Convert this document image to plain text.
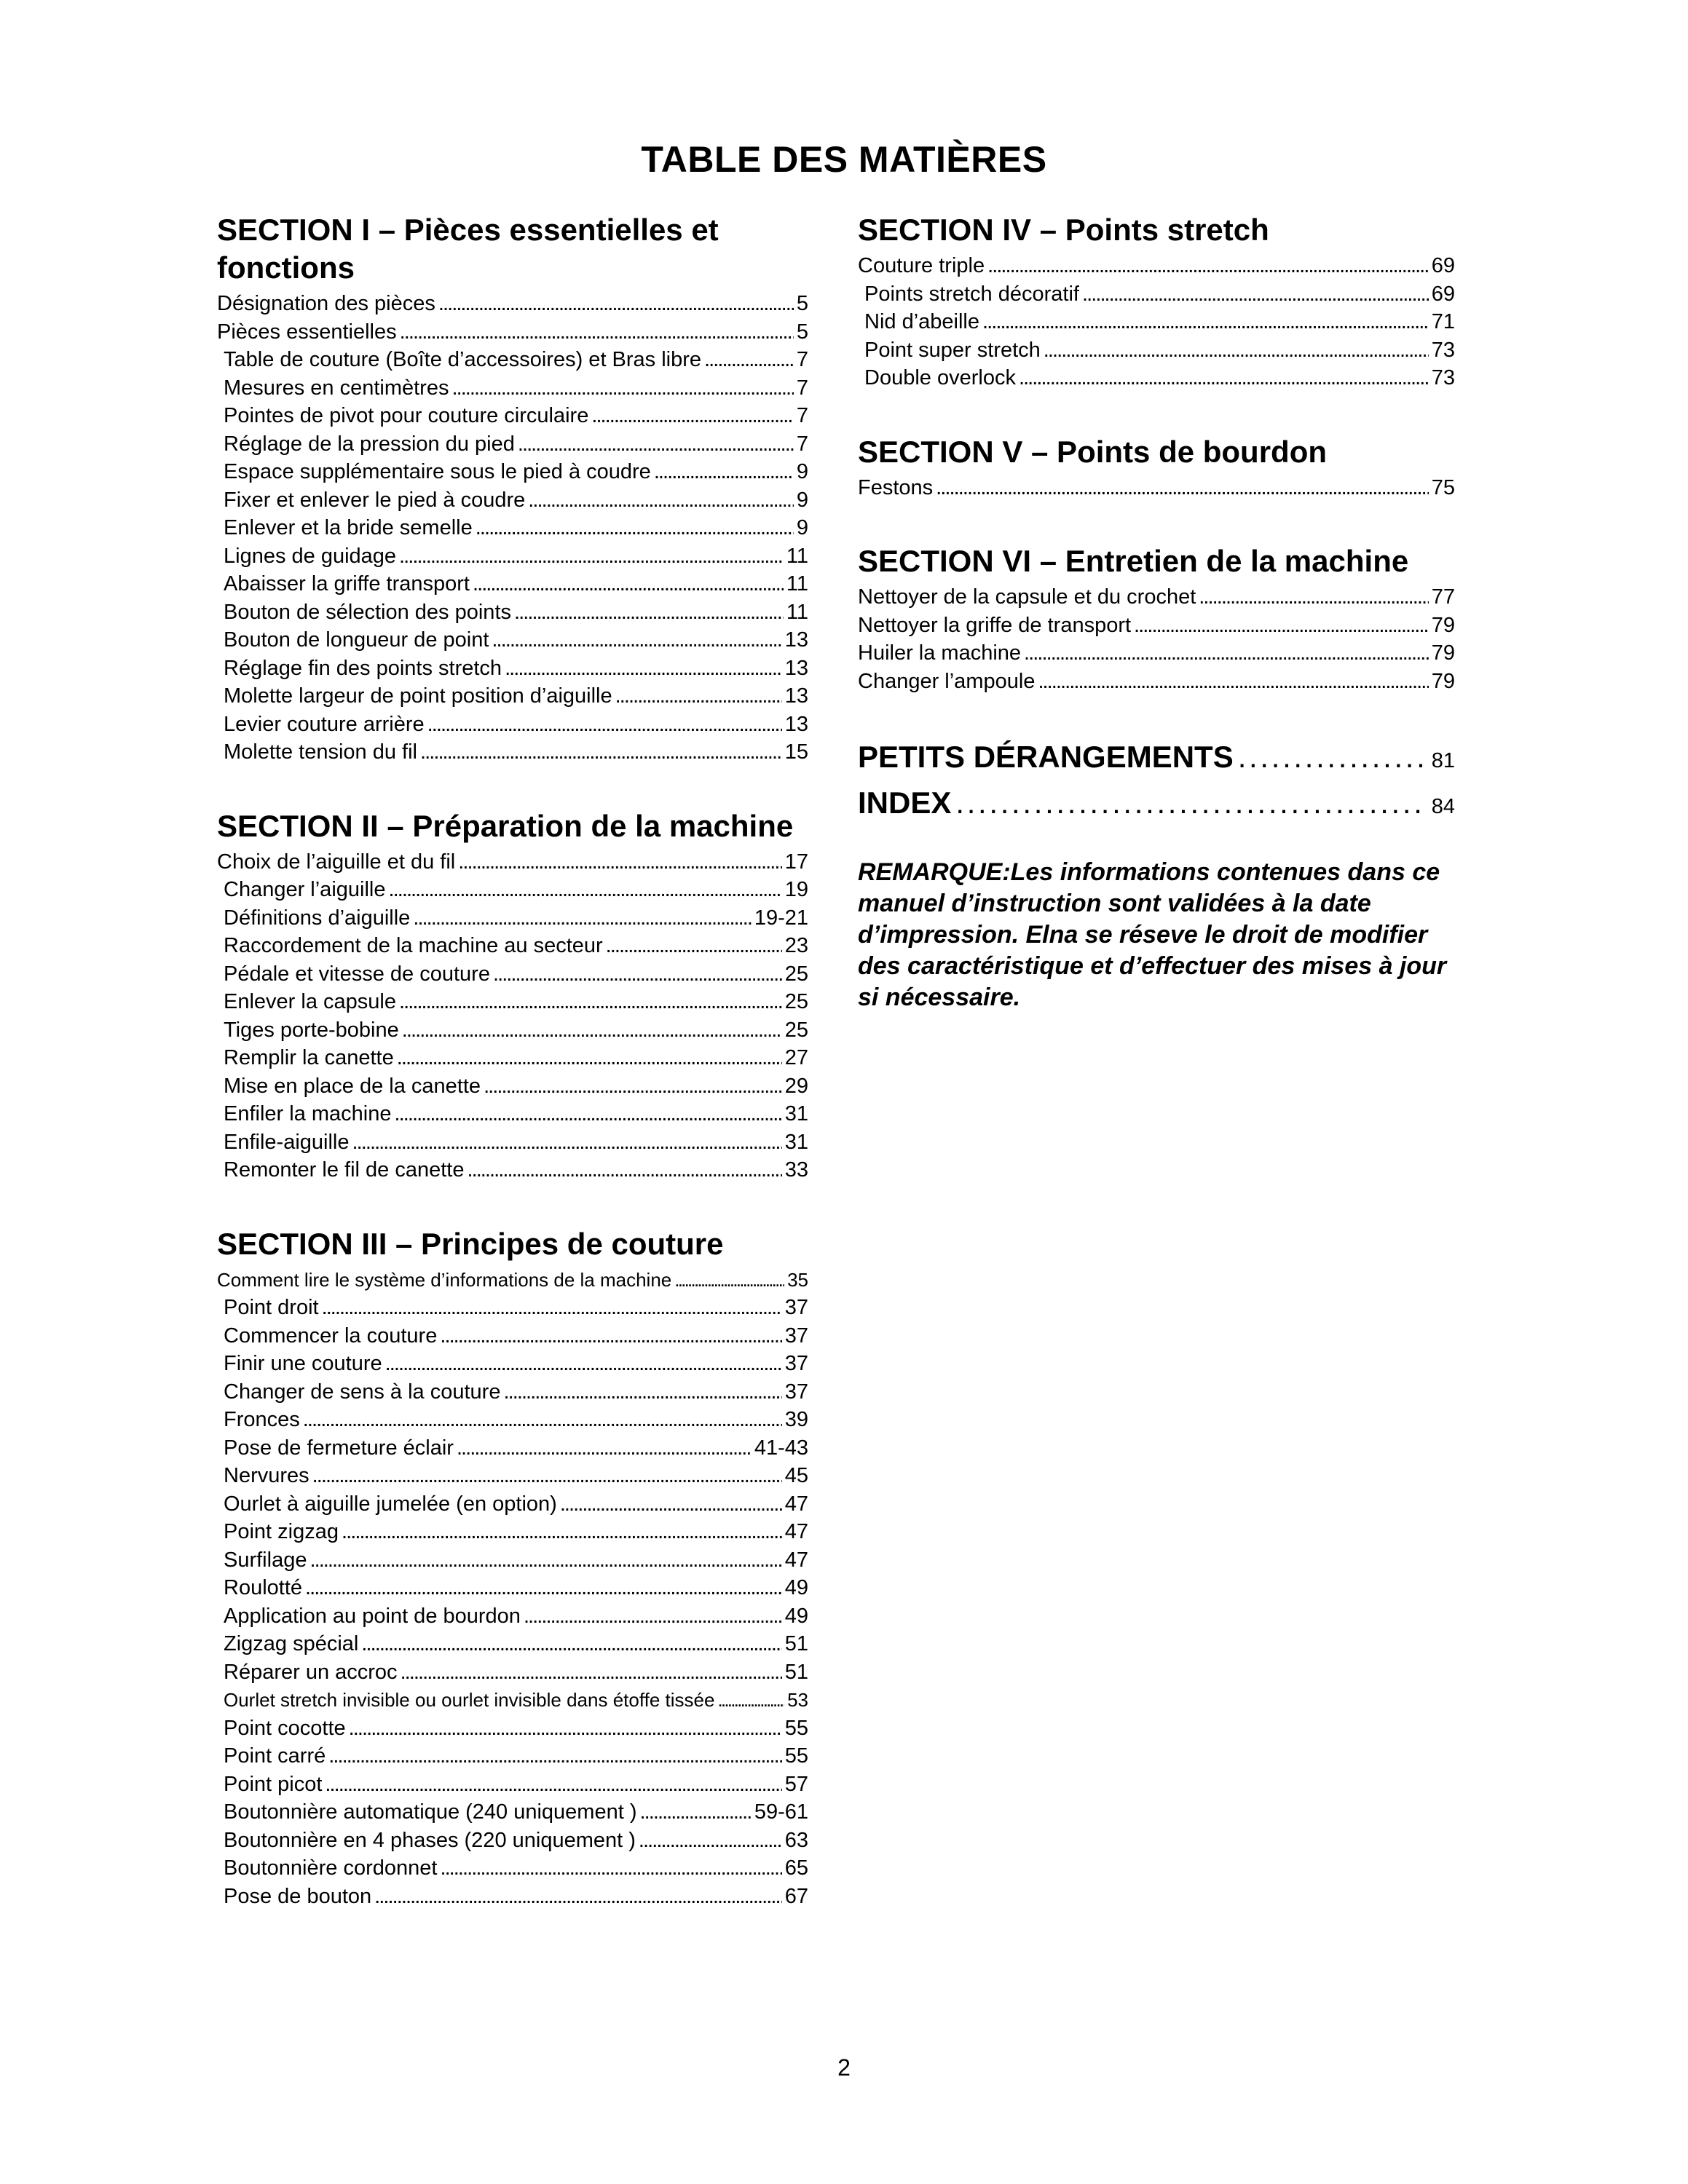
TABLE DES MATIÈRES
SECTION I – Pièces essentielles et fonctions
Désignation des pièces . . .	5
Pièces essentielles . . .	5
Table de couture (Boîte d’accessoires) et Bras libre . . .	7
Mesures en centimètres . . .	7
Pointes de pivot pour couture circulaire . . .	7
Réglage de la pression du pied . . .	7
Espace supplémentaire sous le pied à coudre . . .	9
Fixer et enlever le pied à coudre . . .	9
Enlever et la bride semelle . . .	9
Lignes de guidage . . .	11
Abaisser la griffe transport . . .	11
Bouton de sélection des points . . .	11
Bouton de longueur de point . . .	13
Réglage fin des points stretch . . .	13
Molette largeur de point position d’aiguille . . .	13
Levier couture arrière . . .	13
Molette tension du fil . . .	15
SECTION II – Préparation de la machine
Choix de l’aiguille et du fil . . .	17
Changer l’aiguille . . .	19
Définitions d’aiguille . . .	19-21
Raccordement de la machine au secteur . . .	23
Pédale et vitesse de couture . . .	25
Enlever la capsule . . .	25
Tiges porte-bobine . . .	25
Remplir la canette . . .	27
Mise en place de la canette . . .	29
Enfiler la machine . . .	31
Enfile-aiguille . . .	31
Remonter le fil de canette . . .	33
SECTION III – Principes de couture
Comment lire le système d’informations de la machine . . .	35
Point droit . . .	37
Commencer la couture . . .	37
Finir une couture . . .	37
Changer de sens à la couture . . .	37
Fronces . . .	39
Pose de fermeture éclair . . .	41-43
Nervures . . .	45
Ourlet à aiguille jumelée (en option) . . .	47
Point zigzag . . .	47
Surfilage . . .	47
Roulotté . . .	49
Application au point de bourdon . . .	49
Zigzag spécial . . .	51
Réparer un accroc . . .	51
Ourlet stretch invisible ou ourlet invisible dans étoffe tissée . . .	53
Point cocotte . . .	55
Point carré . . .	55
Point picot . . .	57
Boutonnière automatique (240 uniquement ) . . .	59-61
Boutonnière en 4 phases (220 uniquement ) . . .	63
Boutonnière cordonnet . . .	65
Pose de bouton . . .	67
SECTION IV – Points stretch
Couture triple . . .	69
Points stretch décoratif . . .	69
Nid d’abeille . . .	71
Point super stretch . . .	73
Double overlock . . .	73
SECTION V – Points de bourdon
Festons . . .	75
SECTION VI – Entretien de la machine
Nettoyer de la capsule et du crochet . . .	77
Nettoyer la griffe de transport . . .	79
Huiler la machine . . .	79
Changer l’ampoule . . .	79
PETITS DÉRANGEMENTS . . .	81
INDEX . . .	84
REMARQUE:Les informations contenues dans ce manuel d’instruction sont validées à la date d’impression. Elna se réseve le droit de modifier des caractéristique et d’effectuer des mises à jour si nécessaire.
2
